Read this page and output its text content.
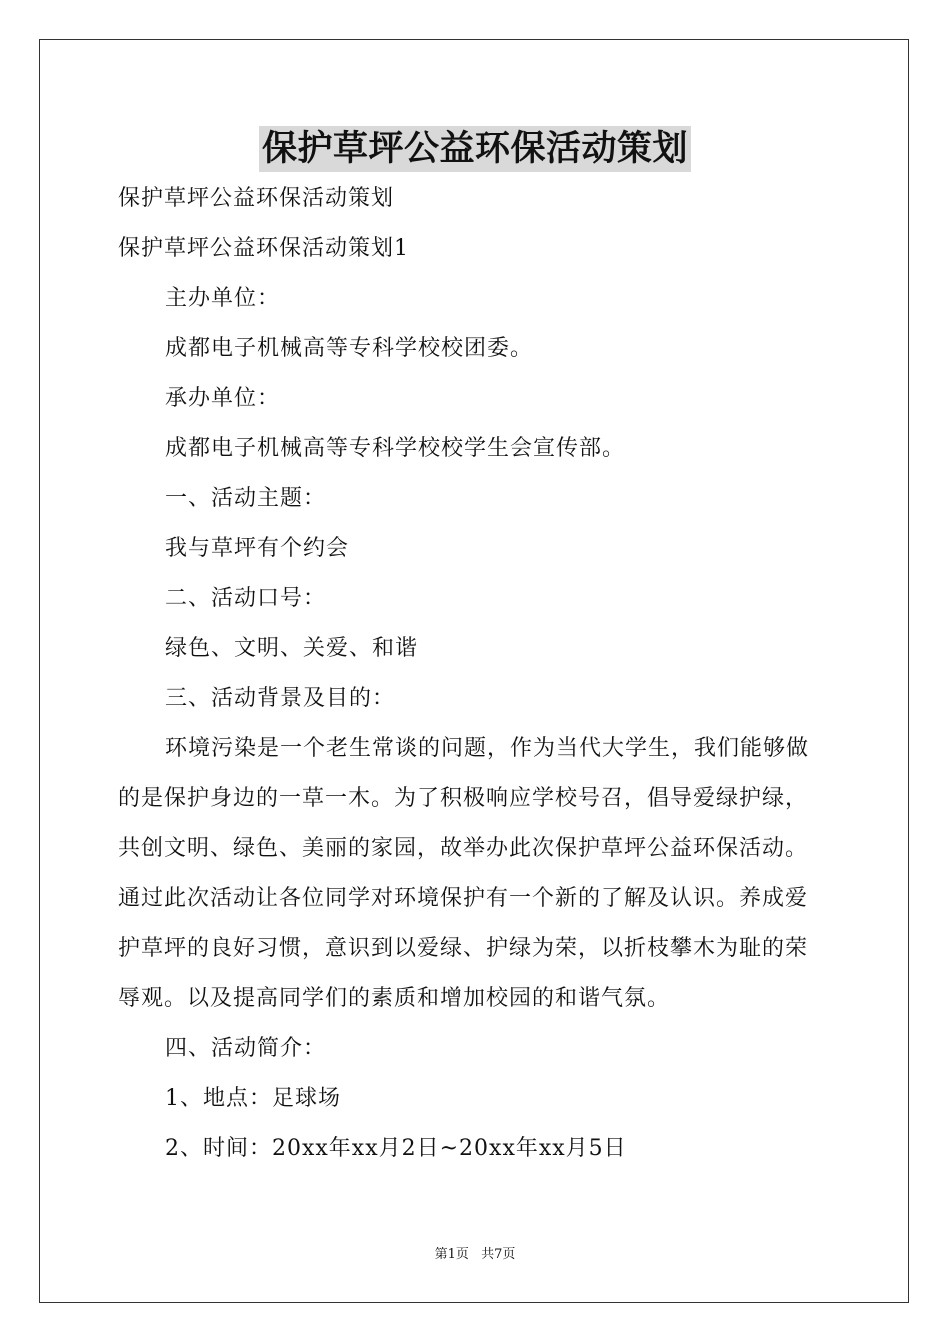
保护草坪公益环保活动策划
保护草坪公益环保活动策划
保护草坪公益环保活动策划1
主办单位：
成都电子机械高等专科学校校团委。
承办单位：
成都电子机械高等专科学校校学生会宣传部。
一、活动主题：
我与草坪有个约会
二、活动口号：
绿色、文明、关爱、和谐
三、活动背景及目的：
环境污染是一个老生常谈的问题，作为当代大学生，我们能够做
的是保护身边的一草一木。为了积极响应学校号召，倡导爱绿护绿，
共创文明、绿色、美丽的家园，故举办此次保护草坪公益环保活动。
通过此次活动让各位同学对环境保护有一个新的了解及认识。养成爱
护草坪的良好习惯，意识到以爱绿、护绿为荣，以折枝攀木为耻的荣
辱观。以及提高同学们的素质和增加校园的和谐气氛。
四、活动简介：
1、地点：足球场
2、时间：20xx年xx月2日~20xx年xx月5日
第1页 共7页
